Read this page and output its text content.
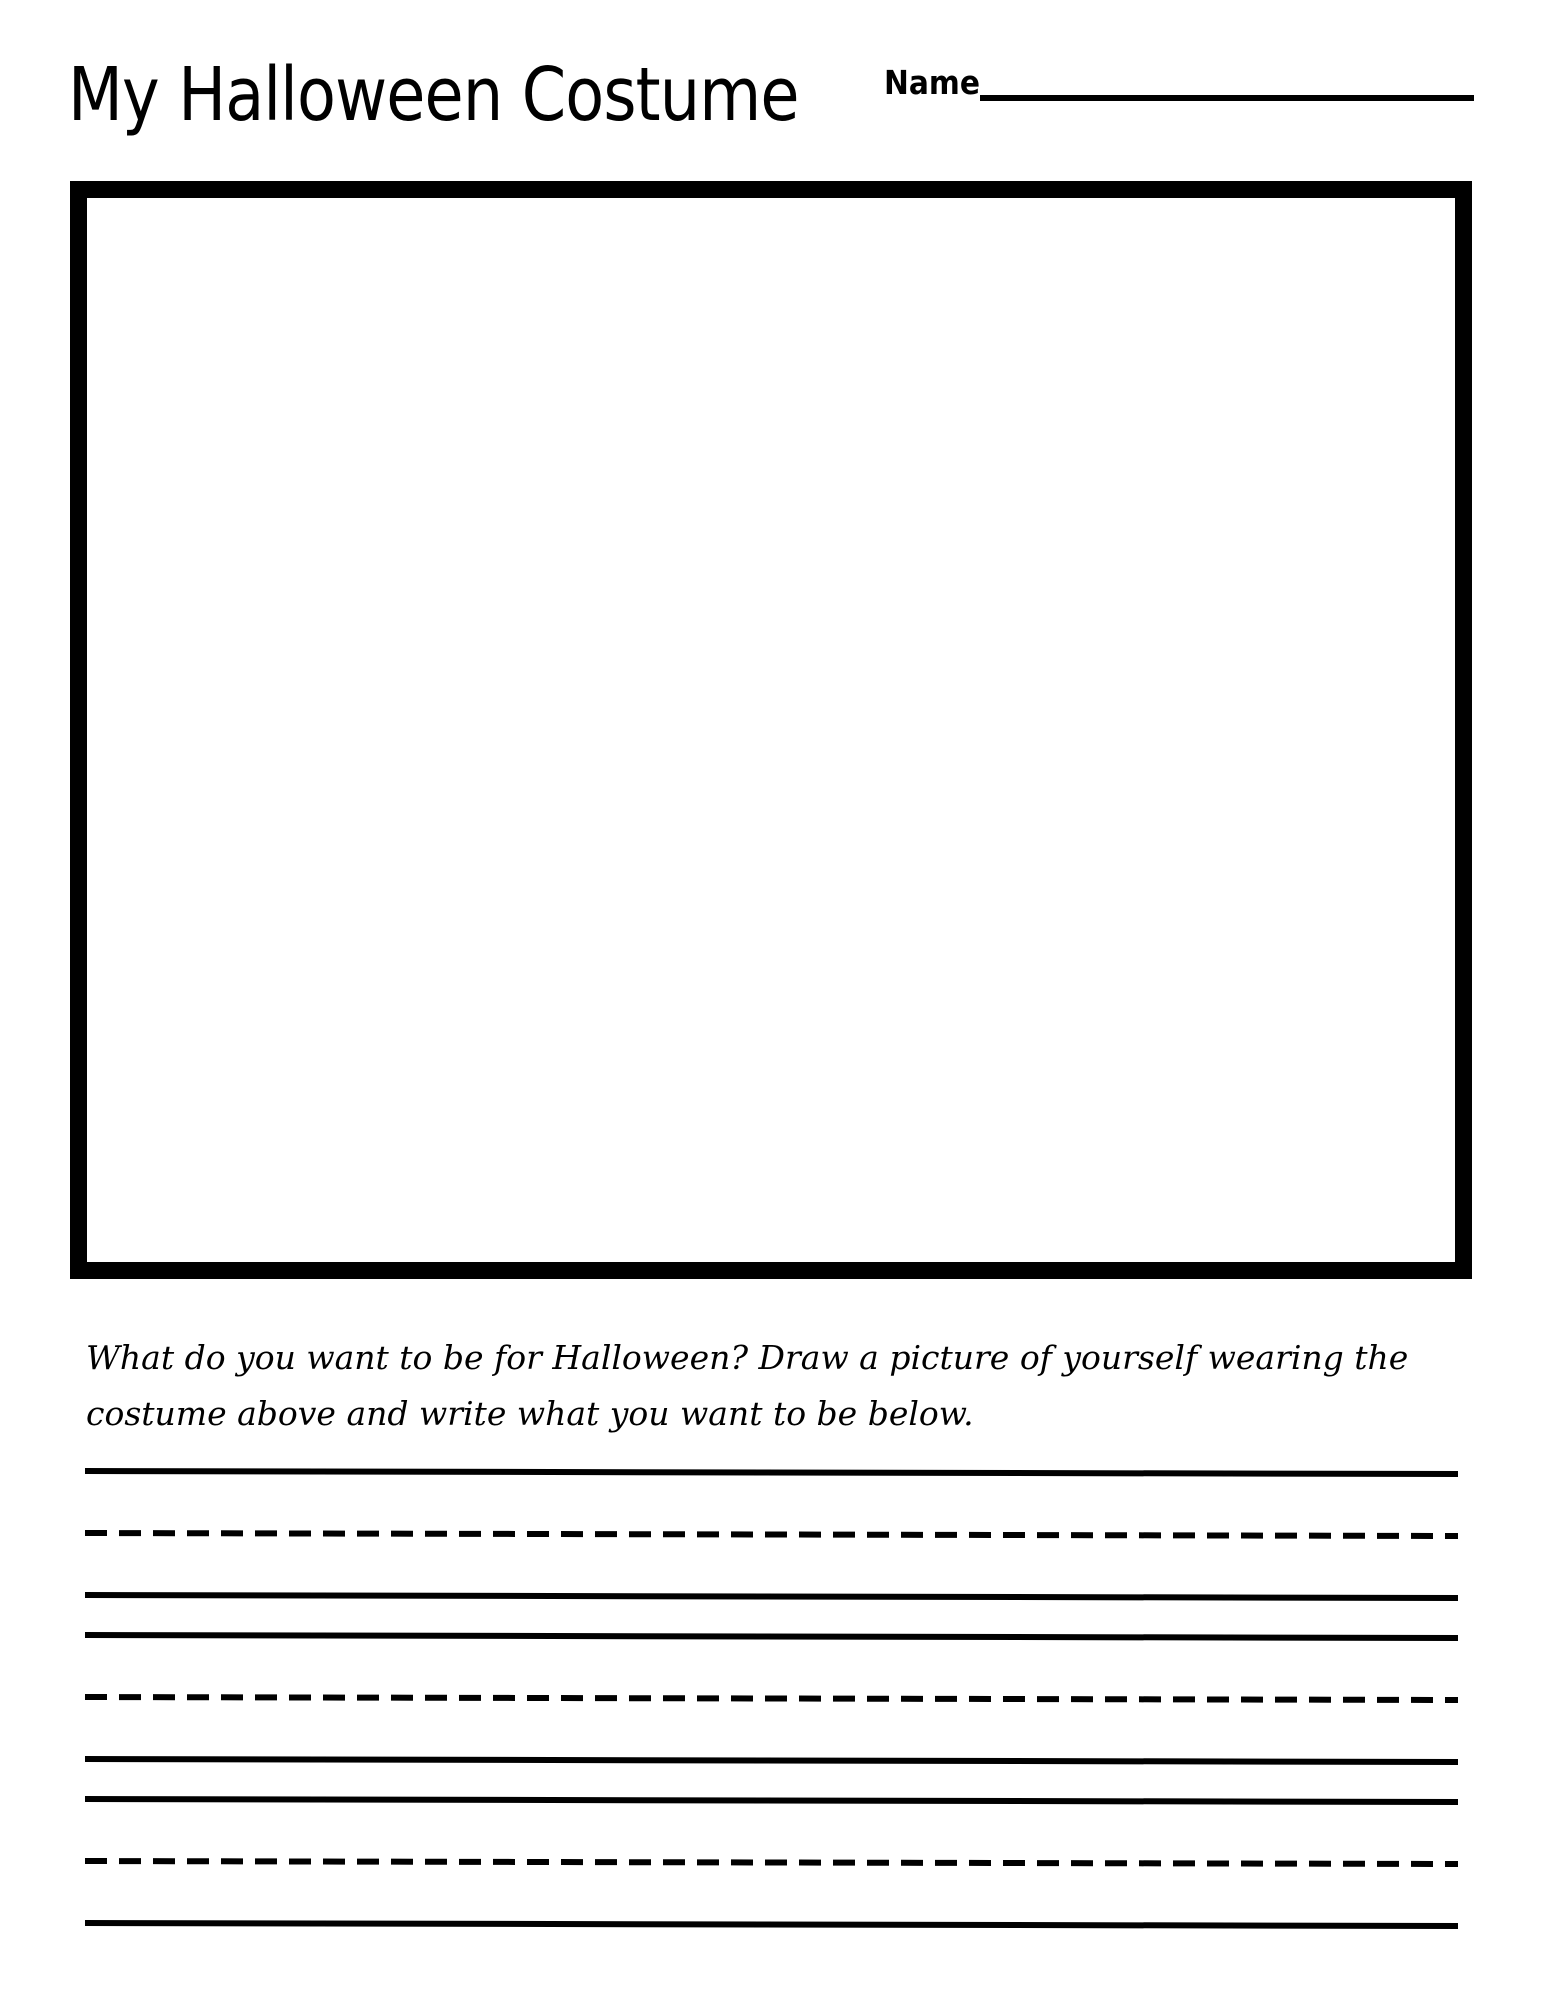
My Halloween Costume	Name

What do you want to be for Halloween? Draw a picture of yourself wearing the costume above and write what you want to be below.
